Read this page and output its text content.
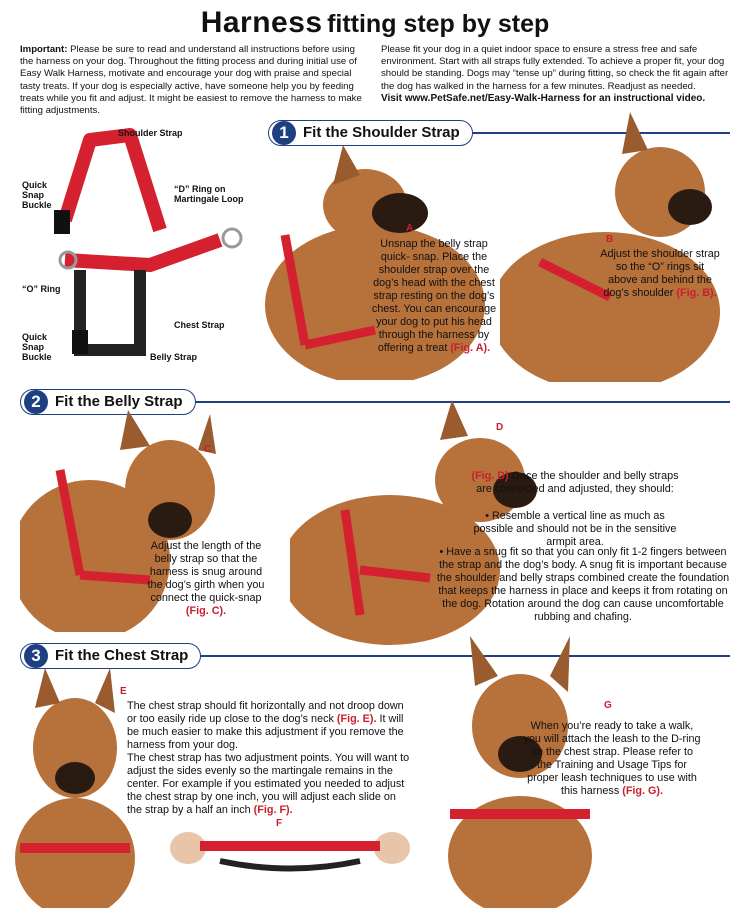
Harness fitting step by step
Important: Please be sure to read and understand all instructions before using the harness on your dog. Throughout the fitting process and during initial use of Easy Walk Harness, motivate and encourage your dog with praise and special tasty treats. If your dog is especially active, have someone help you by feeding treats while you fit and adjust. It might be easiest to remove the harness to make fitting adjustments.
Please fit your dog in a quiet indoor space to ensure a stress free and safe environment. Start with all straps fully extended. To achieve a proper fit, your dog should be standing. Dogs may “tense up” during fitting, so check the fit again after the dog has walked in the harness for a few minutes. Readjust as needed.
Visit www.PetSafe.net/Easy-Walk-Harness for an instructional video.
Shoulder Strap
Quick
Snap
Buckle
“D” Ring on
Martingale Loop
“O” Ring
Chest Strap
Quick
Snap
Buckle	Belly Strap
Fit the Shoulder Strap
1
A
Unsnap the belly strap quick- snap. Place the shoulder strap over the dog’s head with the chest strap resting on the dog’s chest. You can encourage your dog to put his head through the harness by offering a treat (Fig. A).
B
Adjust the shoulder strap so the “O” rings sit above and behind the dog’s shoulder (Fig. B).
Fit the Belly Strap
2
C
Adjust the length of the belly strap so that the harness is snug around the dog’s girth when you connect the quick-snap (Fig. C).
D
(Fig. D) Once the shoulder and belly straps are connected and adjusted, they should:
• Resemble a vertical line as much as possible and should not be in the sensitive armpit area.
• Have a snug fit so that you can only fit 1-2 fingers between the strap and the dog’s body. A snug fit is important because the shoulder and belly straps combined create the foundation that keeps the harness in place and keeps it from rotating on the dog. Rotation around the dog can cause uncomfortable rubbing and chafing.
Fit the Chest Strap
3
E
The chest strap should fit horizontally and not droop down or too easily ride up close to the dog’s neck (Fig. E). It will be much easier to make this adjustment if you remove the harness from your dog.
The chest strap has two adjustment points. You will want to adjust the sides evenly so the martingale remains in the center. For example if you estimated you needed to adjust the chest strap by one inch, you will adjust each slide on the strap by a half an inch (Fig. F).
F
G
When you’re ready to take a walk, you will attach the leash to the D-ring on the chest strap. Please refer to the Training and Usage Tips for proper leash techniques to use with this harness (Fig. G).
